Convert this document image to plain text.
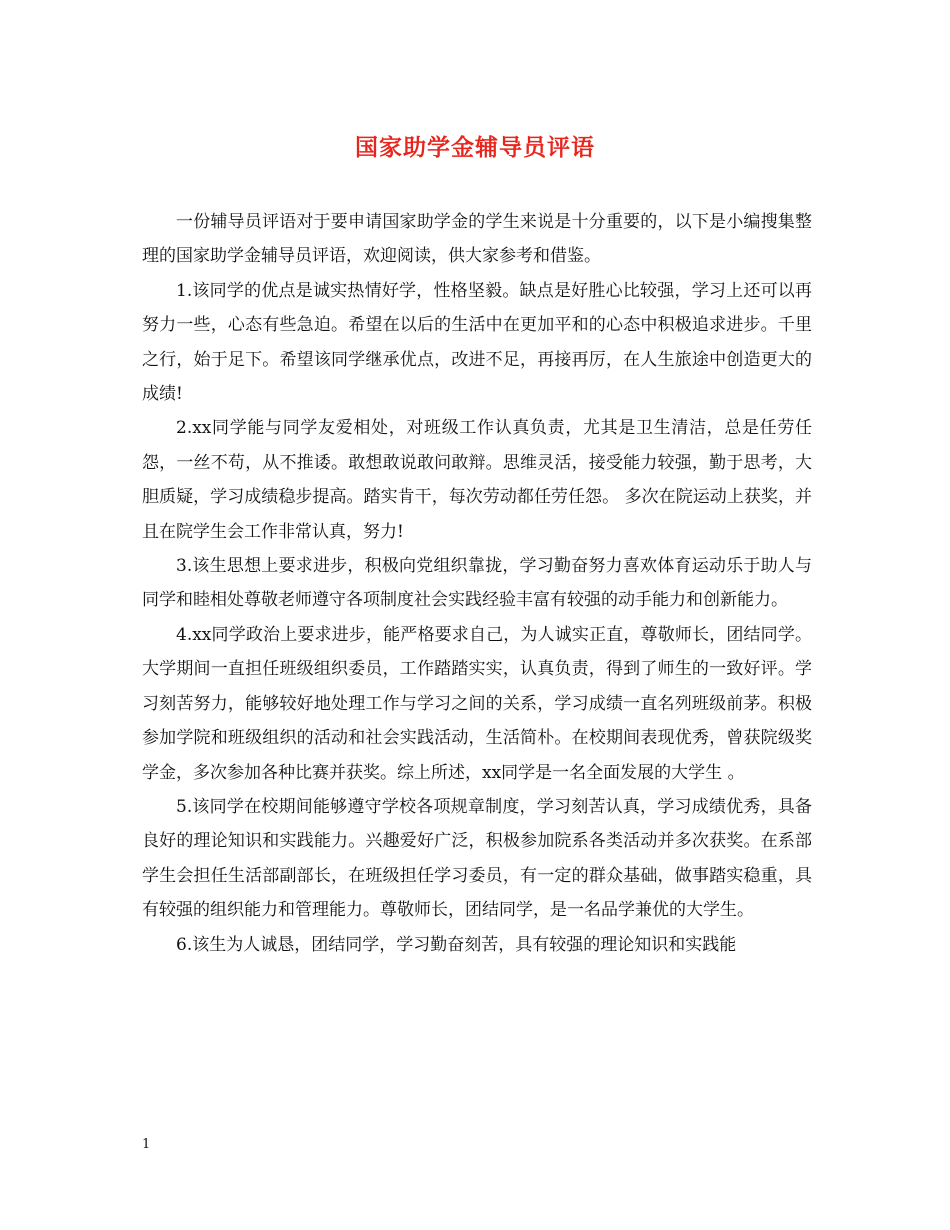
国家助学金辅导员评语

一份辅导员评语对于要申请国家助学金的学生来说是十分重要的，以下是小编搜集整理的国家助学金辅导员评语，欢迎阅读，供大家参考和借鉴。

1.该同学的优点是诚实热情好学，性格坚毅。缺点是好胜心比较强，学习上还可以再努力一些，心态有些急迫。希望在以后的生活中在更加平和的心态中积极追求进步。千里之行，始于足下。希望该同学继承优点，改进不足，再接再厉，在人生旅途中创造更大的成绩!

2.xx同学能与同学友爱相处，对班级工作认真负责，尤其是卫生清洁，总是任劳任怨，一丝不苟，从不推诿。敢想敢说敢问敢辩。思维灵活，接受能力较强，勤于思考，大胆质疑，学习成绩稳步提高。踏实肯干，每次劳动都任劳任怨。 多次在院运动上获奖，并且在院学生会工作非常认真，努力!

3.该生思想上要求进步，积极向党组织靠拢，学习勤奋努力喜欢体育运动乐于助人与同学和睦相处尊敬老师遵守各项制度社会实践经验丰富有较强的动手能力和创新能力。

4.xx同学政治上要求进步，能严格要求自己，为人诚实正直，尊敬师长，团结同学。大学期间一直担任班级组织委员，工作踏踏实实，认真负责，得到了师生的一致好评。学习刻苦努力，能够较好地处理工作与学习之间的关系，学习成绩一直名列班级前茅。积极参加学院和班级组织的活动和社会实践活动，生活简朴。在校期间表现优秀，曾获院级奖学金，多次参加各种比赛并获奖。综上所述，xx同学是一名全面发展的大学生 。

5.该同学在校期间能够遵守学校各项规章制度，学习刻苦认真，学习成绩优秀，具备良好的理论知识和实践能力。兴趣爱好广泛，积极参加院系各类活动并多次获奖。在系部学生会担任生活部副部长，在班级担任学习委员，有一定的群众基础，做事踏实稳重，具有较强的组织能力和管理能力。尊敬师长，团结同学，是一名品学兼优的大学生。

6.该生为人诚恳，团结同学，学习勤奋刻苦，具有较强的理论知识和实践能

1
